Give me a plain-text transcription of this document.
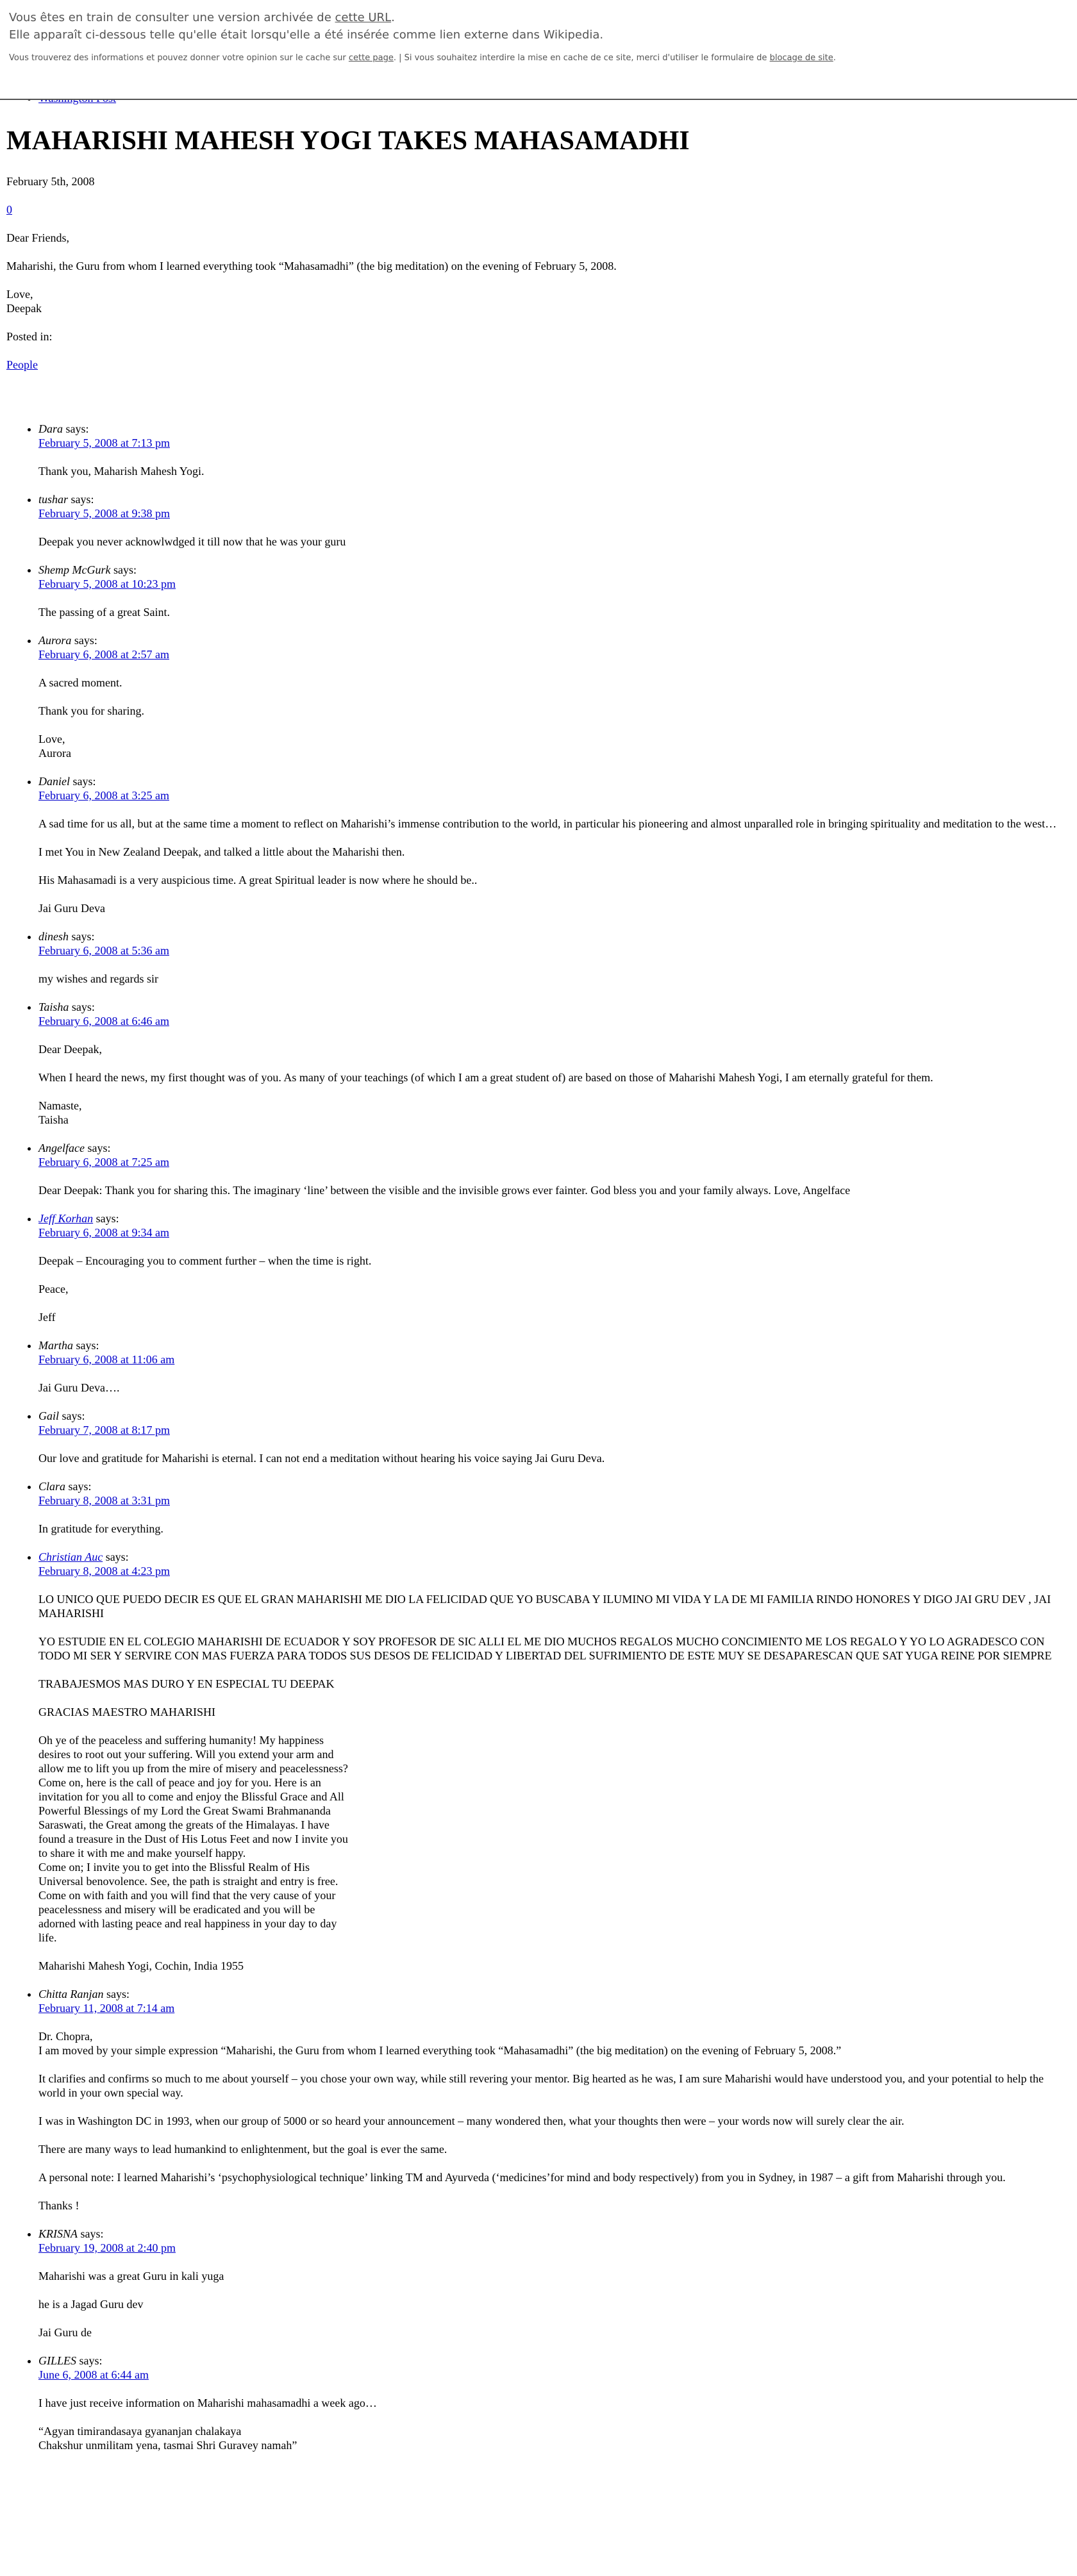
Vous êtes en train de consulter une version archivée de cette URL.
Elle apparaît ci-dessous telle qu'elle était lorsqu'elle a été insérée comme lien externe dans Wikipedia.
Vous trouverez des informations et pouvez donner votre opinion sur le cache sur cette page. | Si vous souhaitez interdire la mise en cache de ce site, merci d'utiliser le formulaire de blocage de site.
•
MAHARISHI MAHESH YOGI TAKES MAHASAMADHI

February 5th, 2008

0

Dear Friends,

Maharishi, the Guru from whom I learned everything took “Mahasamadhi” (the big meditation) on the evening of February 5, 2008.

Love,
Deepak

Posted in:

People

• Dara says:
February 5, 2008 at 7:13 pm

Thank you, Maharish Mahesh Yogi.

• tushar says:
February 5, 2008 at 9:38 pm

Deepak you never acknowlwdged it till now that he was your guru

• Shemp McGurk says:
February 5, 2008 at 10:23 pm

The passing of a great Saint.

• Aurora says:
February 6, 2008 at 2:57 am

A sacred moment.

Thank you for sharing.

Love,
Aurora

• Daniel says:
February 6, 2008 at 3:25 am

A sad time for us all, but at the same time a moment to reflect on Maharishi’s immense contribution to the world, in particular his pioneering and almost unparalled role in bringing spirituality and meditation to the west…

I met You in New Zealand Deepak, and talked a little about the Maharishi then.

His Mahasamadi is a very auspicious time. A great Spiritual leader is now where he should be..

Jai Guru Deva

• dinesh says:
February 6, 2008 at 5:36 am

my wishes and regards sir

• Taisha says:
February 6, 2008 at 6:46 am

Dear Deepak,

When I heard the news, my first thought was of you. As many of your teachings (of which I am a great student of) are based on those of Maharishi Mahesh Yogi, I am eternally grateful for them.

Namaste,
Taisha

• Angelface says:
February 6, 2008 at 7:25 am

Dear Deepak: Thank you for sharing this. The imaginary ‘line’ between the visible and the invisible grows ever fainter. God bless you and your family always. Love, Angelface

• Jeff Korhan says:
February 6, 2008 at 9:34 am

Deepak – Encouraging you to comment further – when the time is right.

Peace,

Jeff

• Martha says:
February 6, 2008 at 11:06 am

Jai Guru Deva….

• Gail says:
February 7, 2008 at 8:17 pm

Our love and gratitude for Maharishi is eternal. I can not end a meditation without hearing his voice saying Jai Guru Deva.

• Clara says:
February 8, 2008 at 3:31 pm

In gratitude for everything.

• Christian Auc says:
February 8, 2008 at 4:23 pm

LO UNICO QUE PUEDO DECIR ES QUE EL GRAN MAHARISHI ME DIO LA FELICIDAD QUE YO BUSCABA Y ILUMINO MI VIDA Y LA DE MI FAMILIA RINDO HONORES Y DIGO JAI GRU DEV , JAI MAHARISHI

YO ESTUDIE EN EL COLEGIO MAHARISHI DE ECUADOR Y SOY PROFESOR DE SIC ALLI EL ME DIO MUCHOS REGALOS MUCHO CONCIMIENTO ME LOS REGALO Y YO LO AGRADESCO CON TODO MI SER Y SERVIRE CON MAS FUERZA PARA TODOS SUS DESOS DE FELICIDAD Y LIBERTAD DEL SUFRIMIENTO DE ESTE MUY SE DESAPARESCAN QUE SAT YUGA REINE POR SIEMPRE

TRABAJESMOS MAS DURO Y EN ESPECIAL TU DEEPAK

GRACIAS MAESTRO MAHARISHI

Oh ye of the peaceless and suffering humanity! My happiness
desires to root out your suffering. Will you extend your arm and
allow me to lift you up from the mire of misery and peacelessness?
Come on, here is the call of peace and joy for you. Here is an
invitation for you all to come and enjoy the Blissful Grace and All
Powerful Blessings of my Lord the Great Swami Brahmananda
Saraswati, the Great among the greats of the Himalayas. I have
found a treasure in the Dust of His Lotus Feet and now I invite you
to share it with me and make yourself happy.
Come on; I invite you to get into the Blissful Realm of His
Universal benovolence. See, the path is straight and entry is free.
Come on with faith and you will find that the very cause of your
peacelessness and misery will be eradicated and you will be
adorned with lasting peace and real happiness in your day to day
life.

Maharishi Mahesh Yogi, Cochin, India 1955

• Chitta Ranjan says:
February 11, 2008 at 7:14 am

Dr. Chopra,
I am moved by your simple expression “Maharishi, the Guru from whom I learned everything took “Mahasamadhi” (the big meditation) on the evening of February 5, 2008.”

It clarifies and confirms so much to me about yourself – you chose your own way, while still revering your mentor. Big hearted as he was, I am sure Maharishi would have understood you, and your potential to help the world in your own special way.

I was in Washington DC in 1993, when our group of 5000 or so heard your announcement – many wondered then, what your thoughts then were – your words now will surely clear the air.

There are many ways to lead humankind to enlightenment, but the goal is ever the same.

A personal note: I learned Maharishi’s ‘psychophysiological technique’ linking TM and Ayurveda (‘medicines’for mind and body respectively) from you in Sydney, in 1987 – a gift from Maharishi through you.

Thanks !

• KRISNA says:
February 19, 2008 at 2:40 pm

Maharishi was a great Guru in kali yuga

he is a Jagad Guru dev

Jai Guru de

• GILLES says:
June 6, 2008 at 6:44 am

I have just receive information on Maharishi mahasamadhi a week ago…

“Agyan timirandasaya gyananjan chalakaya
Chakshur unmilitam yena, tasmai Shri Guravey namah”
